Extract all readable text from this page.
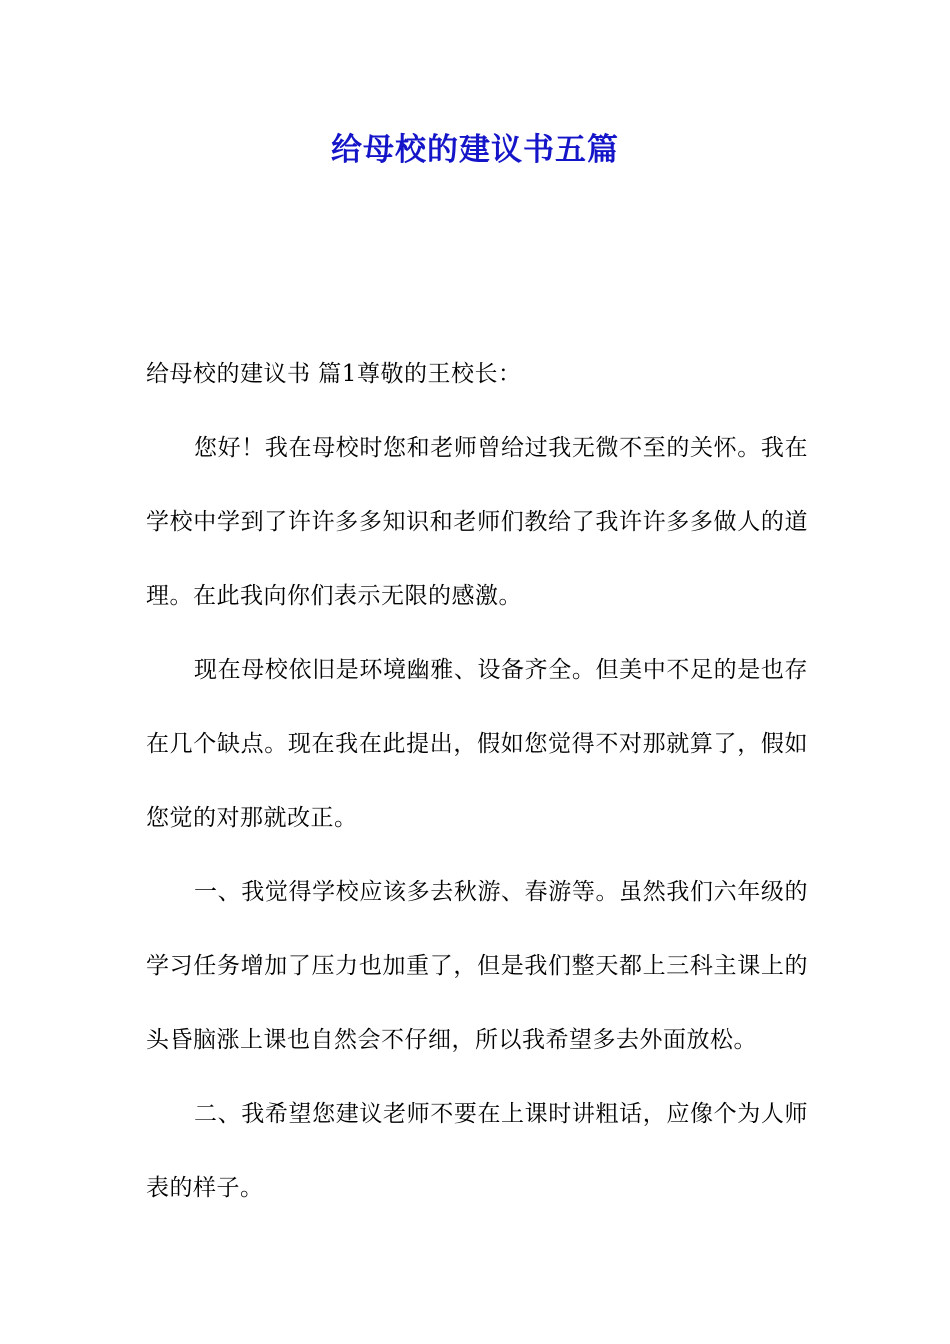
给母校的建议书五篇

给母校的建议书 篇1尊敬的王校长：

您好！我在母校时您和老师曾给过我无微不至的关怀。我在学校中学到了许许多多知识和老师们教给了我许许多多做人的道理。在此我向你们表示无限的感激。

现在母校依旧是环境幽雅、设备齐全。但美中不足的是也存在几个缺点。现在我在此提出，假如您觉得不对那就算了，假如您觉的对那就改正。

一、我觉得学校应该多去秋游、春游等。虽然我们六年级的学习任务增加了压力也加重了，但是我们整天都上三科主课上的头昏脑涨上课也自然会不仔细，所以我希望多去外面放松。

二、我希望您建议老师不要在上课时讲粗话，应像个为人师表的样子。
